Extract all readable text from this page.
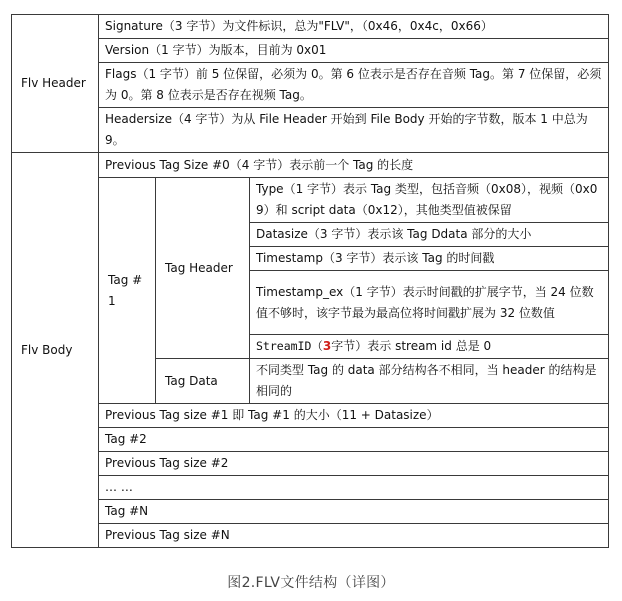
Flv Header	Signature（3 字节）为文件标识，总为"FLV"，（0x46，0x4c，0x66）		
	Version（1 字节）为版本，目前为 0x01		
	Flags（1 字节）前 5 位保留，必须为 0。第 6 位表示是否存在音频 Tag。第 7 位保留，必须为 0。第 8 位表示是否存在视频 Tag。		
	Headersize（4 字节）为从 File Header 开始到 File Body 开始的字节数，版本 1 中总为 9。		
Flv Body	Previous Tag Size #0（4 字节）表示前一个 Tag 的长度		
	Tag #1	Tag Header	Type（1 字节）表示 Tag 类型，包括音频（0x08），视频（0x09）和 script data（0x12），其他类型值被保留
			Datasize（3 字节）表示该 Tag Ddata 部分的大小
			Timestamp（3 字节）表示该 Tag 的时间戳
			Timestamp_ex（1 字节）表示时间戳的扩展字节，当 24 位数值不够时，该字节最为最高位将时间戳扩展为 32 位数值
			StreamID（3字节）表示 stream id 总是 0
		Tag Data	不同类型 Tag 的 data 部分结构各不相同，当 header 的结构是相同的
	Previous Tag size #1 即 Tag #1 的大小（11 + Datasize）		
	Tag #2		
	Previous Tag size #2		
	… …		
	Tag #N		
	Previous Tag size #N		
图2.FLV文件结构（详图）
